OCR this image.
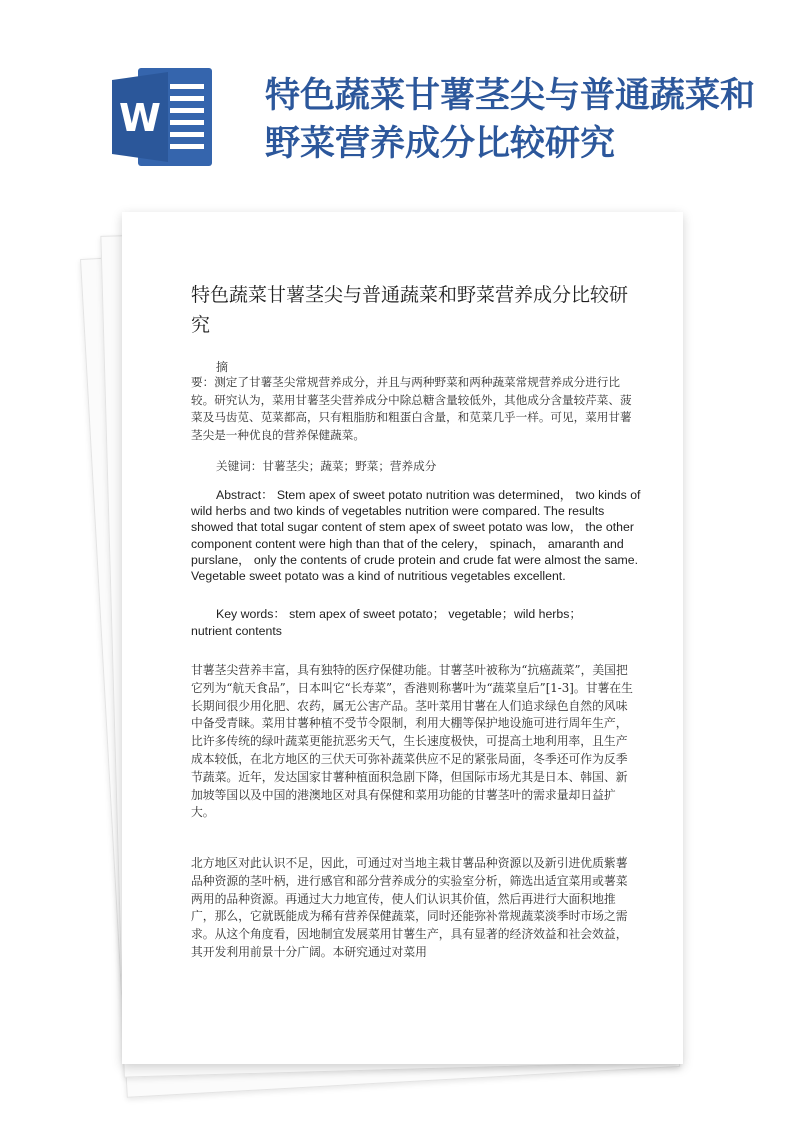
W
特色蔬菜甘薯茎尖与普通蔬菜和野菜营养成分比较研究
特色蔬菜甘薯茎尖与普通蔬菜和野菜营养成分比较研究
摘

要：测定了甘薯茎尖常规营养成分，并且与两种野菜和两种蔬菜常规营养成分进行比较。研究认为，菜用甘薯茎尖营养成分中除总糖含量较低外，其他成分含量较芹菜、菠菜及马齿苋、苋菜都高，只有粗脂肪和粗蛋白含量，和苋菜几乎一样。可见，菜用甘薯茎尖是一种优良的营养保健蔬菜。

关键词：甘薯茎尖；蔬菜；野菜；营养成分

Abstract： Stem apex of sweet potato nutrition was determined， two kinds of wild herbs and two kinds of vegetables nutrition were compared. The results showed that total sugar content of stem apex of sweet potato was low， the other component content were high than that of the celery， spinach， amaranth and purslane， only the contents of crude protein and crude fat were almost the same. Vegetable sweet potato was a kind of nutritious vegetables excellent.

Key words： stem apex of sweet potato； vegetable；wild herbs；nutrient contents

甘薯茎尖营养丰富，具有独特的医疗保健功能。甘薯茎叶被称为“抗癌蔬菜”，美国把它列为“航天食品”，日本叫它“长寿菜”，香港则称薯叶为“蔬菜皇后”[1-3]。甘薯在生长期间很少用化肥、农药，属无公害产品。茎叶菜用甘薯在人们追求绿色自然的风味中备受青睐。菜用甘薯种植不受节令限制，利用大棚等保护地设施可进行周年生产，比许多传统的绿叶蔬菜更能抗恶劣天气，生长速度极快，可提高土地利用率，且生产成本较低，在北方地区的三伏天可弥补蔬菜供应不足的紧张局面，冬季还可作为反季节蔬菜。近年，发达国家甘薯种植面积急剧下降，但国际市场尤其是日本、韩国、新加坡等国以及中国的港澳地区对具有保健和菜用功能的甘薯茎叶的需求量却日益扩大。

北方地区对此认识不足，因此，可通过对当地主栽甘薯品种资源以及新引进优质紫薯品种资源的茎叶柄，进行感官和部分营养成分的实验室分析，筛选出适宜菜用或薯菜两用的品种资源。再通过大力地宣传，使人们认识其价值，然后再进行大面积地推广，那么，它就既能成为稀有营养保健蔬菜，同时还能弥补常规蔬菜淡季时市场之需求。从这个角度看，因地制宜发展菜用甘薯生产，具有显著的经济效益和社会效益，其开发利用前景十分广阔。本研究通过对菜用
